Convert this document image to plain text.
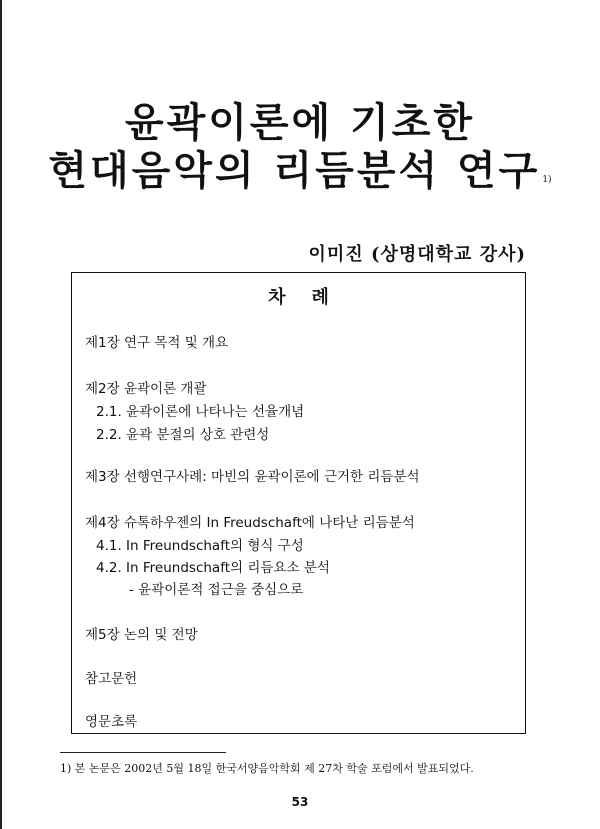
윤곽이론에 기초한
현대음악의 리듬분석 연구 $^{1)}$
이미진 (상명대학교 강사)
차례
제1장 연구 목적 및 개요
제2장 윤곽이론 개괄
2.1. 윤곽이론에 나타나는 선율개념
2.2. 윤곽 분절의 상호 관련성
제3장 선행연구사례: 마빈의 윤곽이론에 근거한 리듬분석
제4장 슈톡하우젠의 In Freudschaft에 나타난 리듬분석
4.1. In Freundschaft의 형식 구성
4.2. In Freundschaft의 리듬요소 분석
- 윤곽이론적 접근을 중심으로
제5장 논의 및 전망
참고문헌
영문초록
1) 본 논문은 2002년 5월 18일 한국서양음악학회 제 27차 학술 포럼에서 발표되었다.
53
